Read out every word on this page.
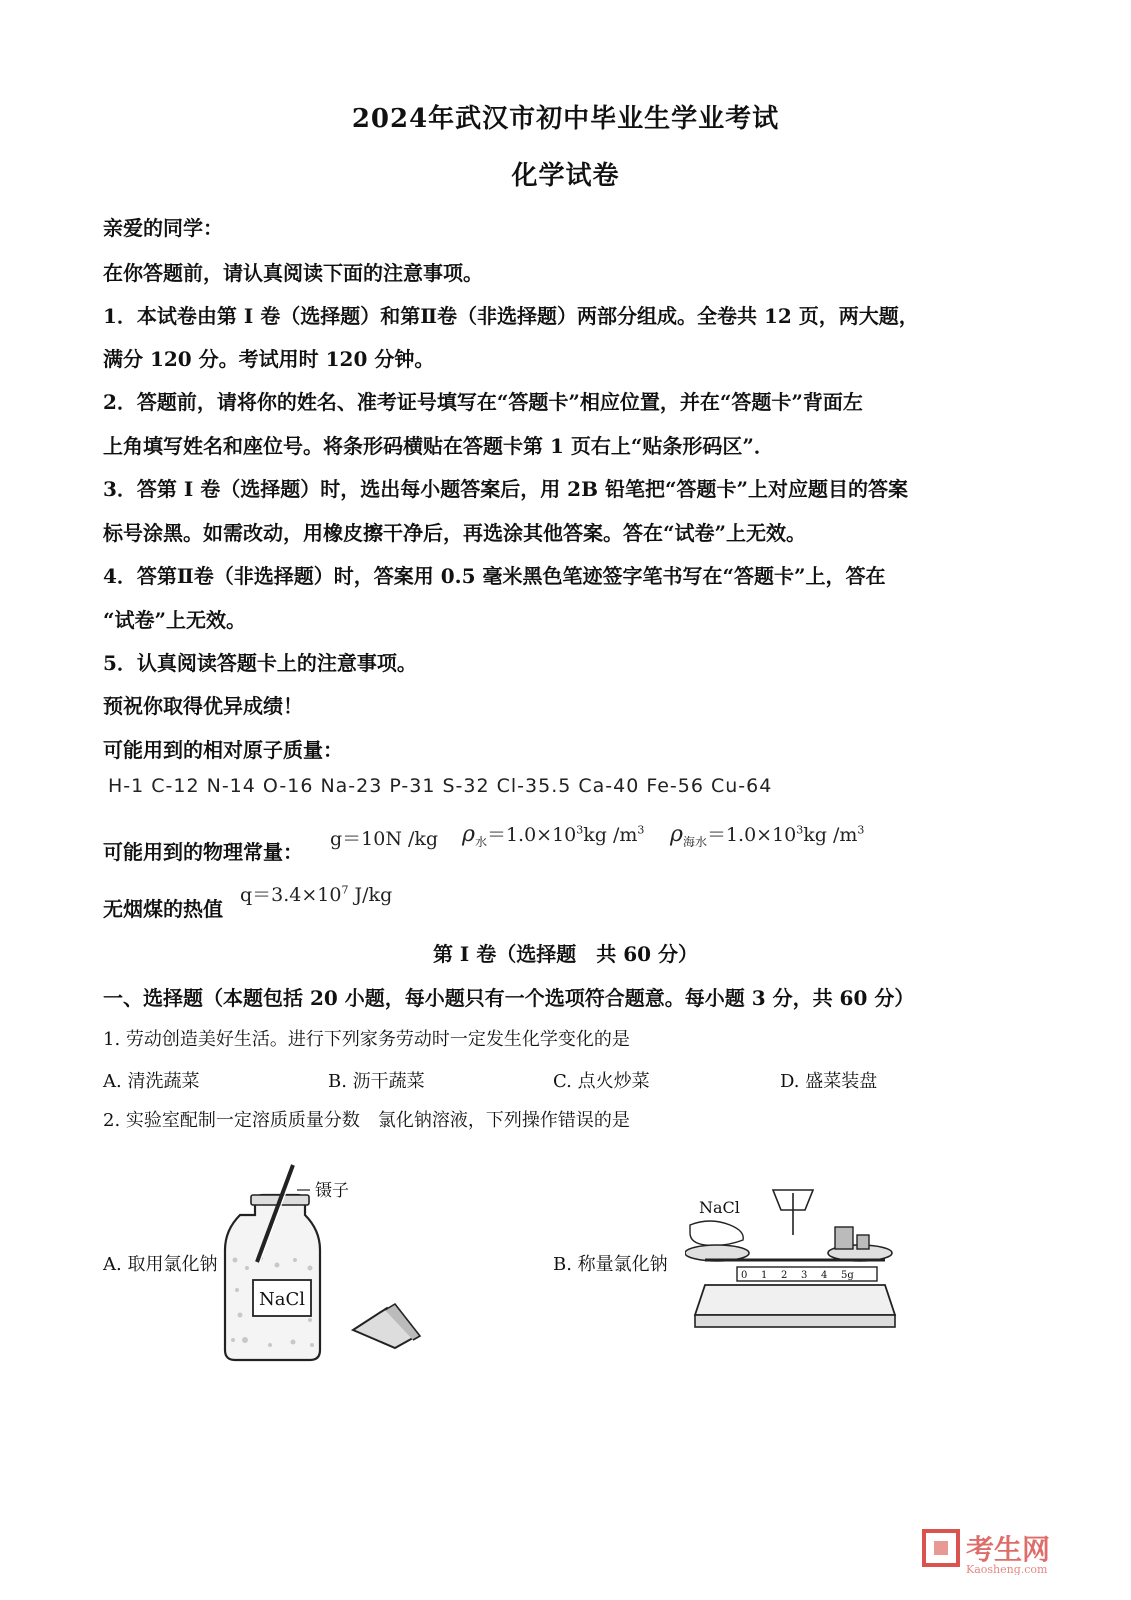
2024年武汉市初中毕业生学业考试
化学试卷
亲爱的同学：
在你答题前，请认真阅读下面的注意事项。
1．本试卷由第 I 卷（选择题）和第Ⅱ卷（非选择题）两部分组成。全卷共 12 页，两大题，
满分 120 分。考试用时 120 分钟。
2．答题前，请将你的姓名、准考证号填写在“答题卡”相应位置，并在“答题卡”背面左
上角填写姓名和座位号。将条形码横贴在答题卡第 1 页右上“贴条形码区”．
3．答第 I 卷（选择题）时，选出每小题答案后，用 2B 铅笔把“答题卡”上对应题目的答案
标号涂黑。如需改动，用橡皮擦干净后，再选涂其他答案。答在“试卷”上无效。
4．答第Ⅱ卷（非选择题）时，答案用 0.5 毫米黑色笔迹签字笔书写在“答题卡”上，答在
“试卷”上无效。
5．认真阅读答题卡上的注意事项。
预祝你取得优异成绩！
可能用到的相对原子质量：
H-1 C-12 N-14 O-16 Na-23 P-31 S-32 Cl-35.5 Ca-40 Fe-56 Cu-64
可能用到的物理常量：
g＝10N /kg $\rho_水=1.0\times 10^3kg$ $/m^3$ $\rho_{海水}=1.0\times 10^3kg$ $/m^3$
无烟煤的热值
$q=3.4\times 10^7$ J/kg
第 I 卷（选择题　共 60 分）
一、选择题（本题包括 20 小题，每小题只有一个选项符合题意。每小题 3 分，共 60 分）
1. 劳动创造美好生活。进行下列家务劳动时一定发生化学变化的是
A. 清洗蔬菜	B. 沥干蔬菜	C. 点火炒菜	D. 盛菜装盘
2. 实验室配制一定溶质质量分数　氯化钠溶液，下列操作错误的是
A. 取用氯化钠	B. 称量氯化钠
NaCl
镊子
NaCl
0 1 2 3 4 5g
考生网
Kaosheng.com
